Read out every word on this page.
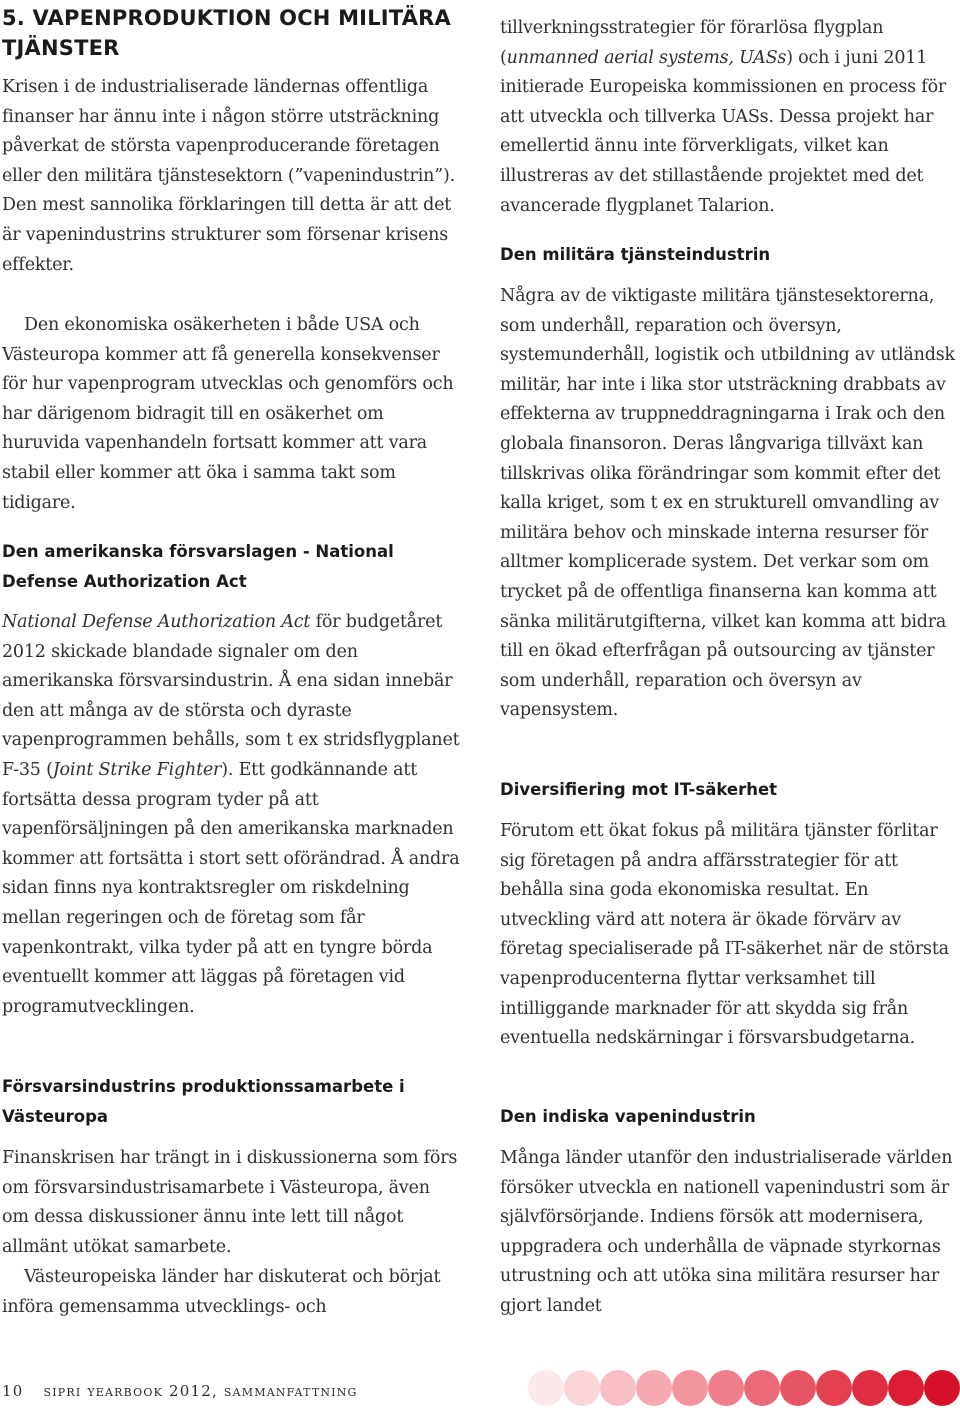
5. VAPENPRODUKTION OCH MILITÄRA TJÄNSTER

Krisen i de industrialiserade ländernas offentliga finanser har ännu inte i någon större utsträckning påverkat de största vapenproducerande företagen eller den militära tjänstesektorn (”vapenindustrin”). Den mest sannolika förklaringen till detta är att det är vapenindustrins strukturer som försenar krisens effekter.

Den ekonomiska osäkerheten i både USA och Västeuropa kommer att få generella konsekvenser för hur vapenprogram utvecklas och genomförs och har därigenom bidragit till en osäkerhet om huruvida vapenhandeln fortsatt kommer att vara stabil eller kommer att öka i samma takt som tidigare.

Den amerikanska försvarslagen - National Defense Authorization Act

National Defense Authorization Act för budgetåret 2012 skickade blandade signaler om den amerikanska försvarsindustrin. Å ena sidan innebär den att många av de största och dyraste vapenprogrammen behålls, som t ex stridsflygplanet F-35 (Joint Strike Fighter). Ett godkännande att fortsätta dessa program tyder på att vapenförsäljningen på den amerikanska marknaden kommer att fortsätta i stort sett oförändrad. Å andra sidan finns nya kontraktsregler om riskdelning mellan regeringen och de företag som får vapenkontrakt, vilka tyder på att en tyngre börda eventuellt kommer att läggas på företagen vid programutvecklingen.

Försvarsindustrins produktionssamarbete i Västeuropa

Finanskrisen har trängt in i diskussionerna som förs om försvarsindustrisamarbete i Västeuropa, även om dessa diskussioner ännu inte lett till något allmänt utökat samarbete.

Västeuropeiska länder har diskuterat och börjat införa gemensamma utvecklings- och

tillverkningsstrategier för förarlösa flygplan (unmanned aerial systems, UASs) och i juni 2011 initierade Europeiska kommissionen en process för att utveckla och tillverka UASs. Dessa projekt har emellertid ännu inte förverkligats, vilket kan illustreras av det stillastående projektet med det avancerade flygplanet Talarion.

Den militära tjänsteindustrin

Några av de viktigaste militära tjänstesektorerna, som underhåll, reparation och översyn, systemunderhåll, logistik och utbildning av utländsk militär, har inte i lika stor utsträckning drabbats av effekterna av truppneddragningarna i Irak och den globala finansoron. Deras långvariga tillväxt kan tillskrivas olika förändringar som kommit efter det kalla kriget, som t ex en strukturell omvandling av militära behov och minskade interna resurser för alltmer komplicerade system. Det verkar som om trycket på de offentliga finanserna kan komma att sänka militärutgifterna, vilket kan komma att bidra till en ökad efterfrågan på outsourcing av tjänster som underhåll, reparation och översyn av vapensystem.

Diversifiering mot IT-säkerhet

Förutom ett ökat fokus på militära tjänster förlitar sig företagen på andra affärsstrategier för att behålla sina goda ekonomiska resultat. En utveckling värd att notera är ökade förvärv av företag specialiserade på IT-säkerhet när de största vapenproducenterna flyttar verksamhet till intilliggande marknader för att skydda sig från eventuella nedskärningar i försvarsbudgetarna.

Den indiska vapenindustrin

Många länder utanför den industrialiserade världen försöker utveckla en nationell vapenindustri som är självförsörjande. Indiens försök att modernisera, uppgradera och underhålla de väpnade styrkornas utrustning och att utöka sina militära resurser har gjort landet

10 sipri yearbook 2012, sammanfattning
